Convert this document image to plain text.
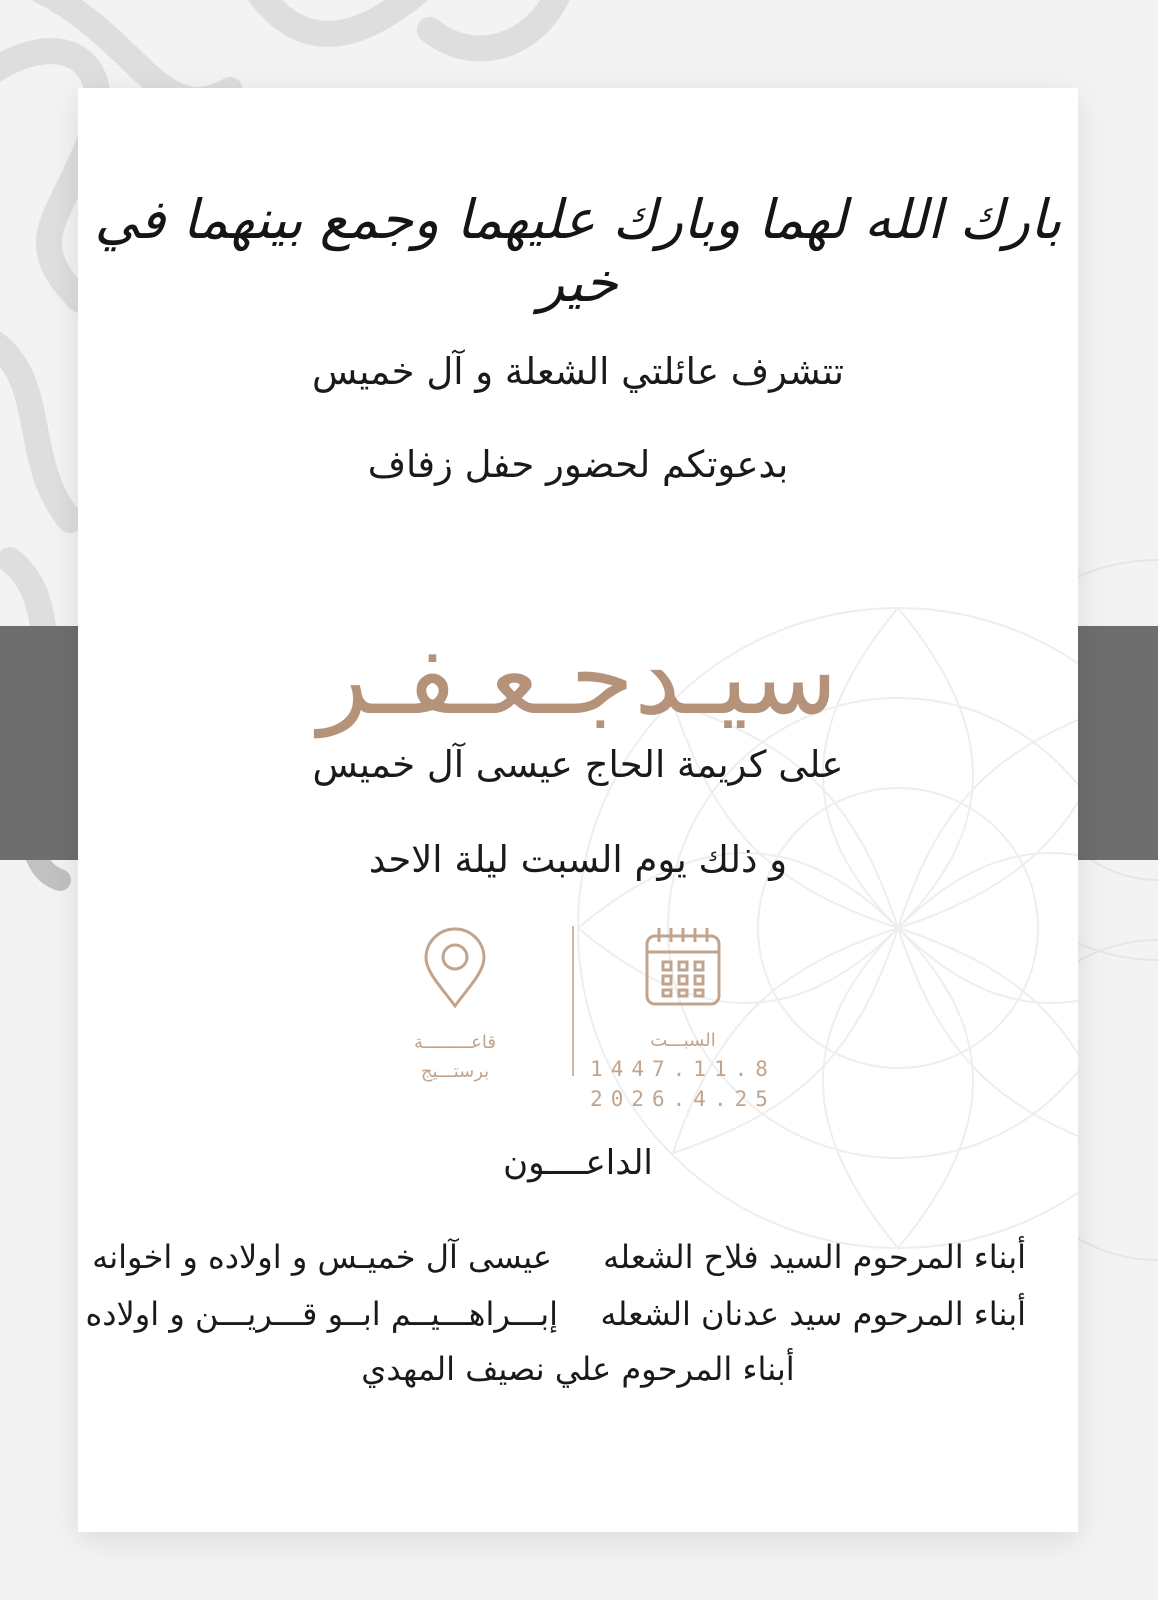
بارك الله لهما وبارك عليهما وجمع بينهما في خير

تتشرف عائلتي الشعلة و آل خميس

بدعوتكم لحضور حفل زفاف

سيـدجـعـفـر

على كريمة الحاج عيسى آل خميس

و ذلك يوم السبت ليلة الاحد

السبـــت
1447.11.8
2026.4.25
قاعـــــــــة
برستـــيج

الداعــــون

أبناء المرحوم السيد فلاح الشعله
عيسى آل خميـس و اولاده و اخوانه
أبناء المرحوم سيد عدنان الشعله
إبـــراهـــيــم ابــو قـــريـــن و اولاده
أبناء المرحوم علي نصيف المهدي
